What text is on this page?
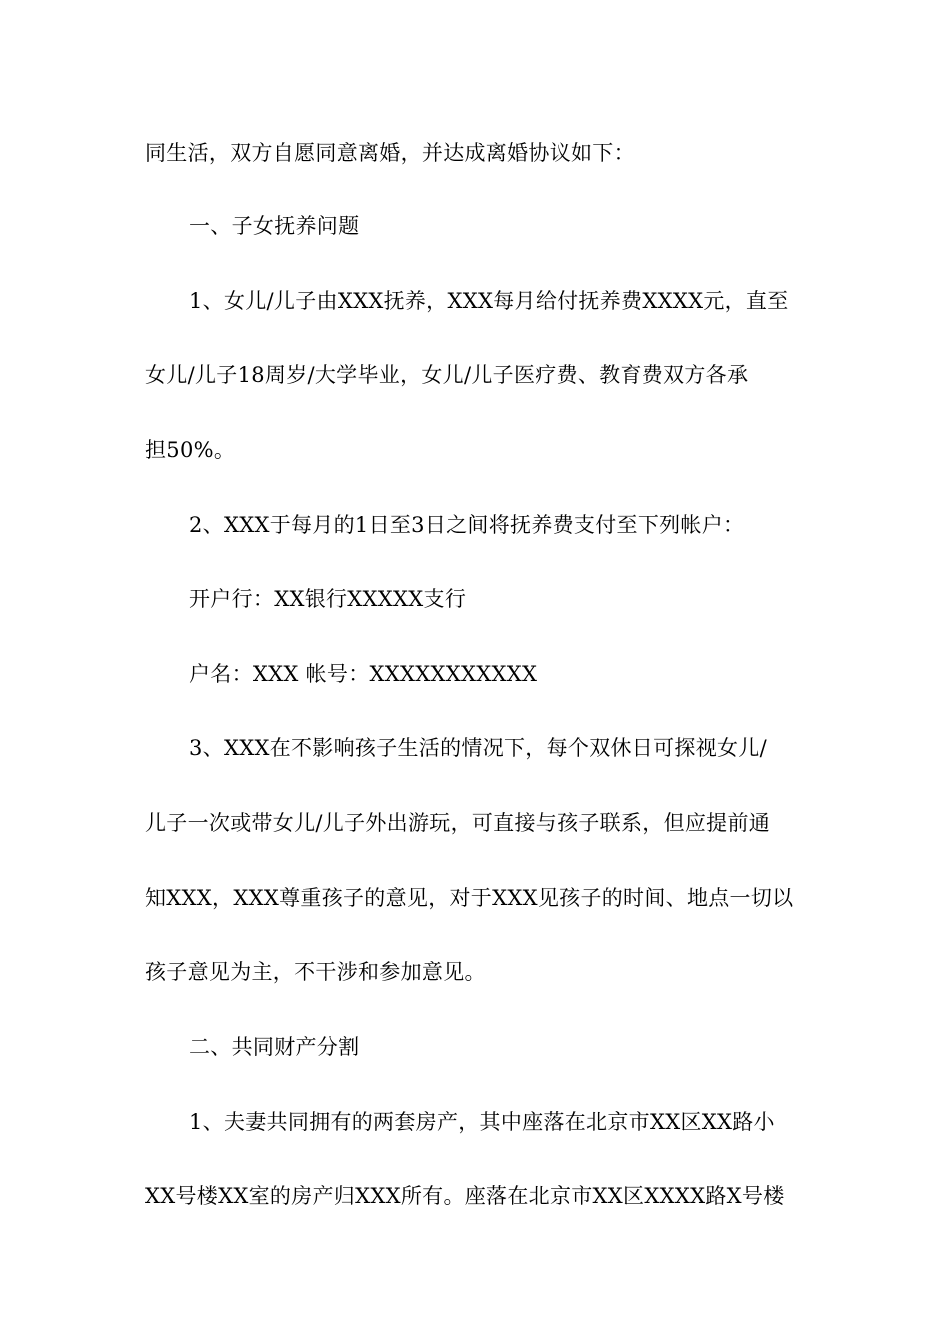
同生活，双方自愿同意离婚，并达成离婚协议如下：
一、子女抚养问题
1、女儿/儿子由XXX抚养，XXX每月给付抚养费XXXX元，直至
女儿/儿子18周岁/大学毕业，女儿/儿子医疗费、教育费双方各承
担50%。
2、XXX于每月的1日至3日之间将抚养费支付至下列帐户：
开户行：XX银行XXXXX支行
户名：XXX 帐号：XXXXXXXXXXX
3、XXX在不影响孩子生活的情况下，每个双休日可探视女儿/
儿子一次或带女儿/儿子外出游玩，可直接与孩子联系，但应提前通
知XXX，XXX尊重孩子的意见，对于XXX见孩子的时间、地点一切以
孩子意见为主，不干涉和参加意见。
二、共同财产分割
1、夫妻共同拥有的两套房产，其中座落在北京市XX区XX路小
XX号楼XX室的房产归XXX所有。座落在北京市XX区XXXX路X号楼
